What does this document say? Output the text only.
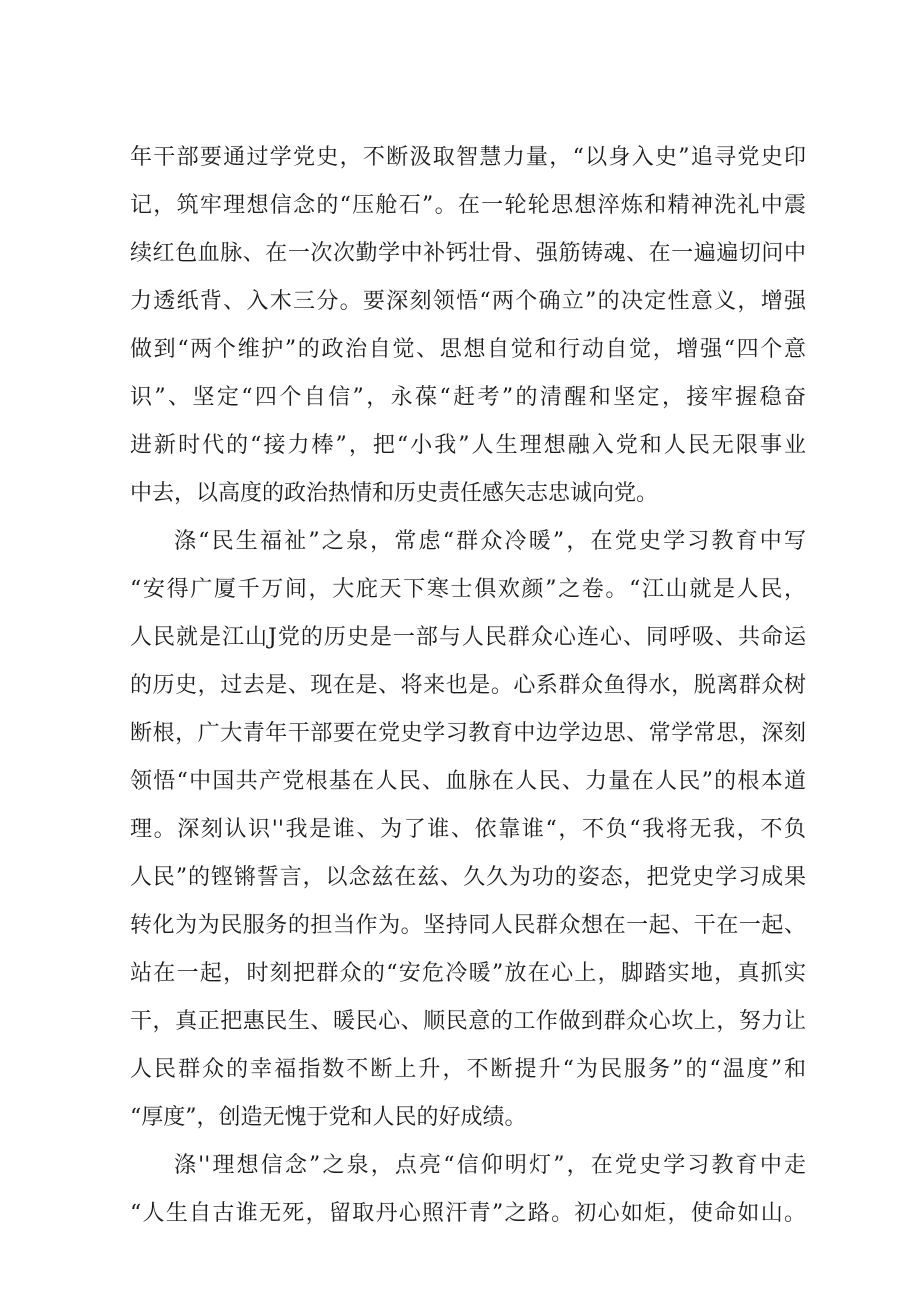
年干部要通过学党史，不断汲取智慧力量，“以身入史”追寻党史印
记，筑牢理想信念的“压舱石”。在一轮轮思想淬炼和精神洗礼中震
续红色血脉、在一次次勤学中补钙壮骨、强筋铸魂、在一遍遍切问中
力透纸背、入木三分。要深刻领悟“两个确立”的决定性意义，增强
做到“两个维护”的政治自觉、思想自觉和行动自觉，增强“四个意
识”、坚定“四个自信”，永葆“赶考”的清醒和坚定，接牢握稳奋
进新时代的“接力棒”，把“小我”人生理想融入党和人民无限事业
中去，以高度的政治热情和历史责任感矢志忠诚向党。
涤“民生福祉”之泉，常虑“群众冷暖”，在党史学习教育中写
“安得广厦千万间，大庇天下寒士俱欢颜”之卷。“江山就是人民，
人民就是江山J党的历史是一部与人民群众心连心、同呼吸、共命运
的历史，过去是、现在是、将来也是。心系群众鱼得水，脱离群众树
断根，广大青年干部要在党史学习教育中边学边思、常学常思，深刻
领悟“中国共产党根基在人民、血脉在人民、力量在人民”的根本道
理。深刻认识''我是谁、为了谁、依靠谁“，不负“我将无我，不负
人民”的铿锵誓言，以念兹在兹、久久为功的姿态，把党史学习成果
转化为为民服务的担当作为。坚持同人民群众想在一起、干在一起、
站在一起，时刻把群众的“安危冷暖”放在心上，脚踏实地，真抓实
干，真正把惠民生、暖民心、顺民意的工作做到群众心坎上，努力让
人民群众的幸福指数不断上升，不断提升“为民服务”的“温度”和
“厚度”，创造无愧于党和人民的好成绩。
涤''理想信念”之泉，点亮“信仰明灯”，在党史学习教育中走
“人生自古谁无死，留取丹心照汗青”之路。初心如炬，使命如山。
